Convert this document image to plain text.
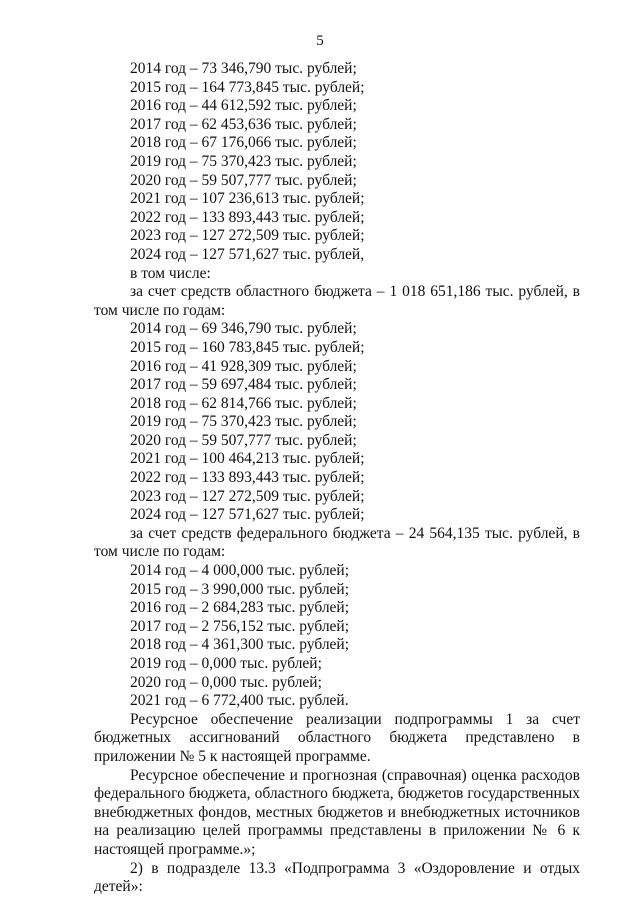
5
2014 год – 73 346,790 тыс. рублей;
2015 год – 164 773,845 тыс. рублей;
2016 год – 44 612,592 тыс. рублей;
2017 год – 62 453,636 тыс. рублей;
2018 год – 67 176,066 тыс. рублей;
2019 год – 75 370,423 тыс. рублей;
2020 год – 59 507,777 тыс. рублей;
2021 год – 107 236,613 тыс. рублей;
2022 год – 133 893,443 тыс. рублей;
2023 год – 127 272,509 тыс. рублей;
2024 год – 127 571,627 тыс. рублей,
в том числе:
за счет средств областного бюджета – 1 018 651,186 тыс. рублей, в
том числе по годам:
2014 год – 69 346,790 тыс. рублей;
2015 год – 160 783,845 тыс. рублей;
2016 год – 41 928,309 тыс. рублей;
2017 год – 59 697,484 тыс. рублей;
2018 год – 62 814,766 тыс. рублей;
2019 год – 75 370,423 тыс. рублей;
2020 год – 59 507,777 тыс. рублей;
2021 год – 100 464,213 тыс. рублей;
2022 год – 133 893,443 тыс. рублей;
2023 год – 127 272,509 тыс. рублей;
2024 год – 127 571,627 тыс. рублей;
за счет средств федерального бюджета – 24 564,135 тыс. рублей, в
том числе по годам:
2014 год – 4 000,000 тыс. рублей;
2015 год – 3 990,000 тыс. рублей;
2016 год – 2 684,283 тыс. рублей;
2017 год – 2 756,152 тыс. рублей;
2018 год – 4 361,300 тыс. рублей;
2019 год – 0,000 тыс. рублей;
2020 год – 0,000 тыс. рублей;
2021 год – 6 772,400 тыс. рублей.
Ресурсное обеспечение реализации подпрограммы 1 за счет
бюджетных ассигнований областного бюджета представлено в
приложении № 5 к настоящей программе.
Ресурсное обеспечение и прогнозная (справочная) оценка расходов
федерального бюджета, областного бюджета, бюджетов государственных
внебюджетных фондов, местных бюджетов и внебюджетных источников
на реализацию целей программы представлены в приложении № 6 к
настоящей программе.»;
2) в подразделе 13.3 «Подпрограмма 3 «Оздоровление и отдых
детей»:
